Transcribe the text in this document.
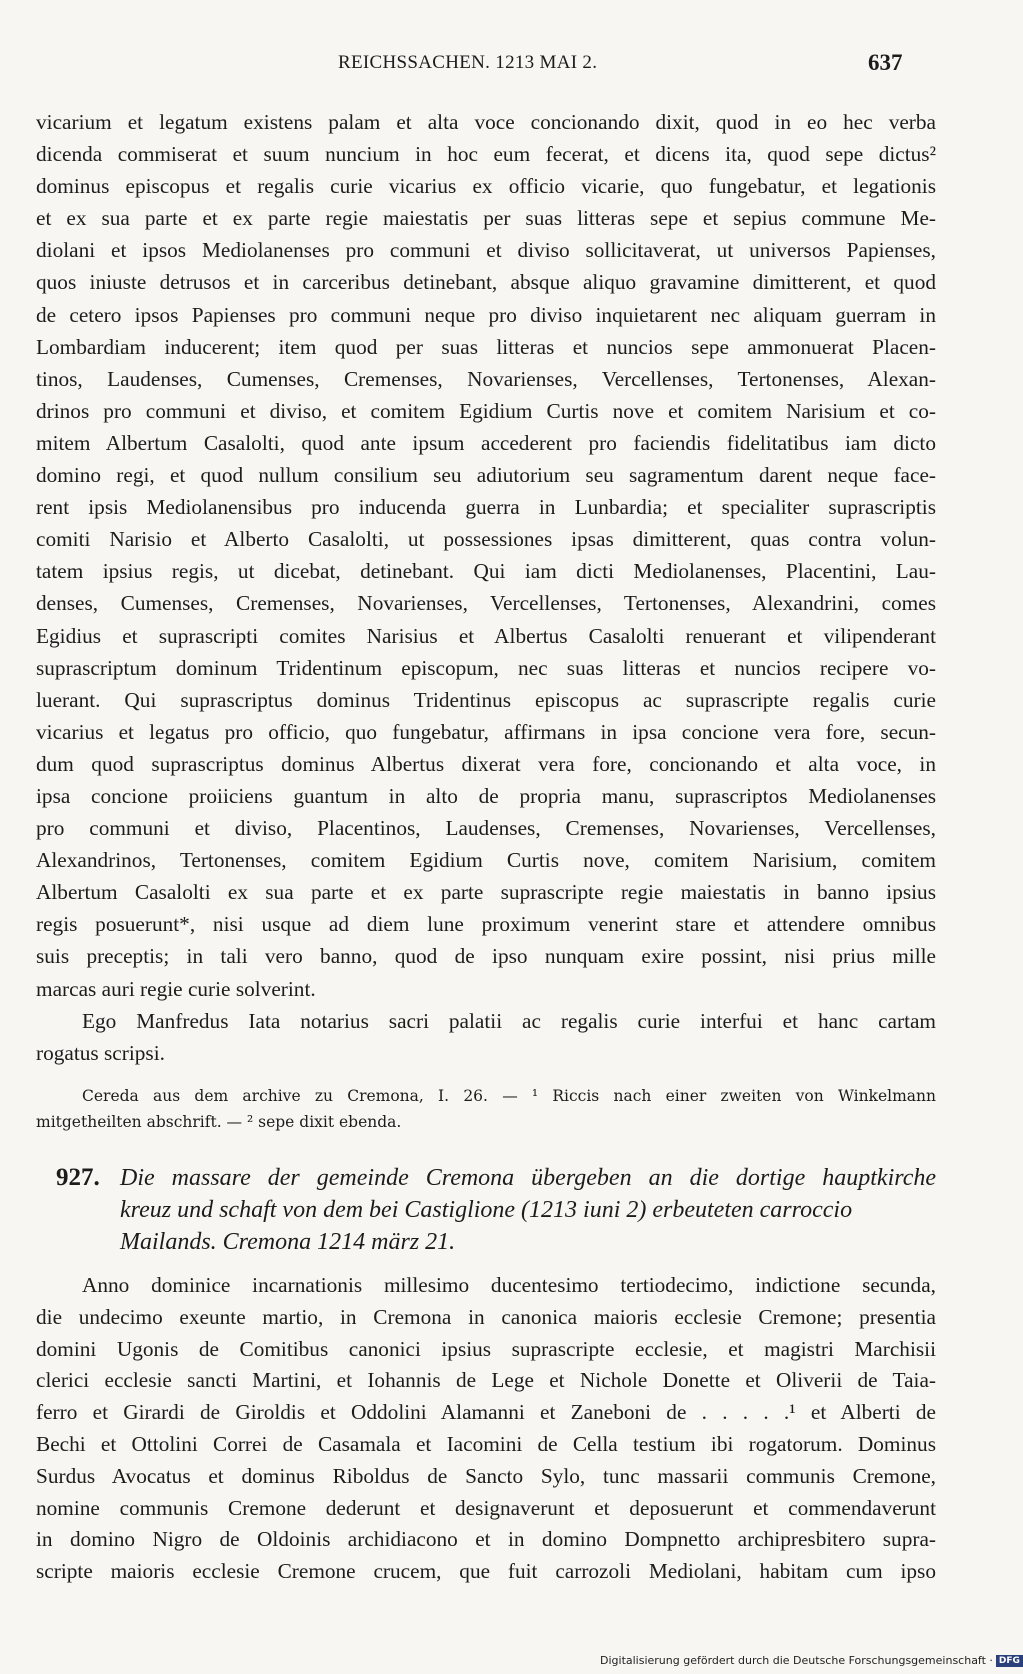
REICHSSACHEN. 1213 MAI 2.	637
vicarium et legatum existens palam et alta voce concionando dixit, quod in eo hec verba
dicenda commiserat et suum nuncium in hoc eum fecerat, et dicens ita, quod sepe dictus²
dominus episcopus et regalis curie vicarius ex officio vicarie, quo fungebatur, et legationis
et ex sua parte et ex parte regie maiestatis per suas litteras sepe et sepius commune Me-
diolani et ipsos Mediolanenses pro communi et diviso sollicitaverat, ut universos Papienses,
quos iniuste detrusos et in carceribus detinebant, absque aliquo gravamine dimitterent, et quod
de cetero ipsos Papienses pro communi neque pro diviso inquietarent nec aliquam guerram in
Lombardiam inducerent; item quod per suas litteras et nuncios sepe ammonuerat Placen-
tinos, Laudenses, Cumenses, Cremenses, Novarienses, Vercellenses, Tertonenses, Alexan-
drinos pro communi et diviso, et comitem Egidium Curtis nove et comitem Narisium et co-
mitem Albertum Casalolti, quod ante ipsum accederent pro faciendis fidelitatibus iam dicto
domino regi, et quod nullum consilium seu adiutorium seu sagramentum darent neque face-
rent ipsis Mediolanensibus pro inducenda guerra in Lunbardia; et specialiter suprascriptis
comiti Narisio et Alberto Casalolti, ut possessiones ipsas dimitterent, quas contra volun-
tatem ipsius regis, ut dicebat, detinebant. Qui iam dicti Mediolanenses, Placentini, Lau-
denses, Cumenses, Cremenses, Novarienses, Vercellenses, Tertonenses, Alexandrini, comes
Egidius et suprascripti comites Narisius et Albertus Casalolti renuerant et vilipenderant
suprascriptum dominum Tridentinum episcopum, nec suas litteras et nuncios recipere vo-
luerant. Qui suprascriptus dominus Tridentinus episcopus ac suprascripte regalis curie
vicarius et legatus pro officio, quo fungebatur, affirmans in ipsa concione vera fore, secun-
dum quod suprascriptus dominus Albertus dixerat vera fore, concionando et alta voce, in
ipsa concione proiiciens guantum in alto de propria manu, suprascriptos Mediolanenses
pro communi et diviso, Placentinos, Laudenses, Cremenses, Novarienses, Vercellenses,
Alexandrinos, Tertonenses, comitem Egidium Curtis nove, comitem Narisium, comitem
Albertum Casalolti ex sua parte et ex parte suprascripte regie maiestatis in banno ipsius
regis posuerunt*, nisi usque ad diem lune proximum venerint stare et attendere omnibus
suis preceptis; in tali vero banno, quod de ipso nunquam exire possint, nisi prius mille
marcas auri regie curie solverint.
Ego Manfredus Iata notarius sacri palatii ac regalis curie interfui et hanc cartam
rogatus scripsi.
Cereda aus dem archive zu Cremona, I. 26. — ¹ Riccis nach einer zweiten von Winkelmann
mitgetheilten abschrift. — ² sepe dixit ebenda.
927. Die massare der gemeinde Cremona übergeben an die dortige hauptkirche
kreuz und schaft von dem bei Castiglione (1213 iuni 2) erbeuteten carroccio
Mailands. Cremona 1214 märz 21.
Anno dominice incarnationis millesimo ducentesimo tertiodecimo, indictione secunda,
die undecimo exeunte martio, in Cremona in canonica maioris ecclesie Cremone; presentia
domini Ugonis de Comitibus canonici ipsius suprascripte ecclesie, et magistri Marchisii
clerici ecclesie sancti Martini, et Iohannis de Lege et Nichole Donette et Oliverii de Taia-
ferro et Girardi de Giroldis et Oddolini Alamanni et Zaneboni de . . . . .¹ et Alberti de
Bechi et Ottolini Correi de Casamala et Iacomini de Cella testium ibi rogatorum. Dominus
Surdus Avocatus et dominus Riboldus de Sancto Sylo, tunc massarii communis Cremone,
nomine communis Cremone dederunt et designaverunt et deposuerunt et commendaverunt
in domino Nigro de Oldoinis archidiacono et in domino Dompnetto archipresbitero supra-
scripte maioris ecclesie Cremone crucem, que fuit carrozoli Mediolani, habitam cum ipso
Digitalisierung gefördert durch die Deutsche Forschungsgemeinschaft · DFG
